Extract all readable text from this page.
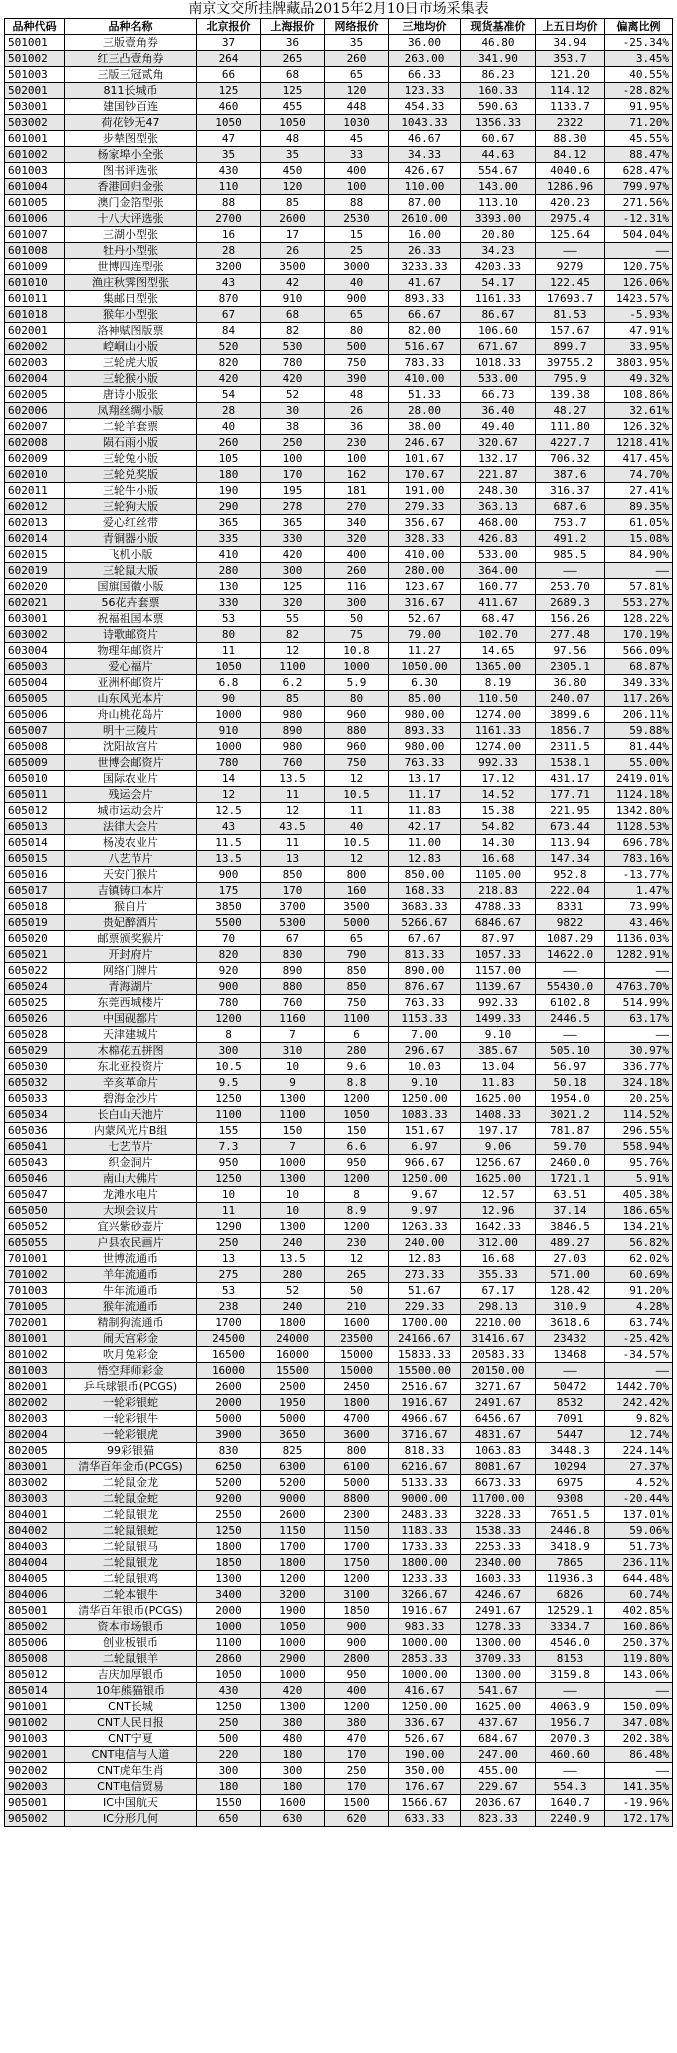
南京文交所挂牌藏品2015年2月10日市场采集表
品种代码	品种名称	北京报价	上海报价	网络报价	三地均价	现货基准价	上五日均价	偏离比例
501001	三版壹角券	37	36	35	36.00	46.80	34.94	-25.34%
501002	红三凸壹角券	264	265	260	263.00	341.90	353.7	3.45%
501003	三版三冠贰角	66	68	65	66.33	86.23	121.20	40.55%
502001	811长城币	125	125	120	123.33	160.33	114.12	-28.82%
503001	建国钞百连	460	455	448	454.33	590.63	1133.7	91.95%
503002	荷花钞无47	1050	1050	1030	1043.33	1356.33	2322	71.20%
601001	步辇图型张	47	48	45	46.67	60.67	88.30	45.55%
601002	杨家埠小全张	35	35	33	34.33	44.63	84.12	88.47%
601003	图书评选张	430	450	400	426.67	554.67	4040.6	628.47%
601004	香港回归金张	110	120	100	110.00	143.00	1286.96	799.97%
601005	澳门金箔型张	88	85	88	87.00	113.10	420.23	271.56%
601006	十八大评选张	2700	2600	2530	2610.00	3393.00	2975.4	-12.31%
601007	三湖小型张	16	17	15	16.00	20.80	125.64	504.04%
601008	牡丹小型张	28	26	25	26.33	34.23	——	——
601009	世博四连型张	3200	3500	3000	3233.33	4203.33	9279	120.75%
601010	渔庄秋霁图型张	43	42	40	41.67	54.17	122.45	126.06%
601011	集邮日型张	870	910	900	893.33	1161.33	17693.7	1423.57%
601018	猴年小型张	67	68	65	66.67	86.67	81.53	-5.93%
602001	洛神赋图版票	84	82	80	82.00	106.60	157.67	47.91%
602002	崆峒山小版	520	530	500	516.67	671.67	899.7	33.95%
602003	三轮虎大版	820	780	750	783.33	1018.33	39755.2	3803.95%
602004	三轮猴小版	420	420	390	410.00	533.00	795.9	49.32%
602005	唐诗小版张	54	52	48	51.33	66.73	139.38	108.86%
602006	凤翔丝绸小版	28	30	26	28.00	36.40	48.27	32.61%
602007	二轮羊套票	40	38	36	38.00	49.40	111.80	126.32%
602008	陨石雨小版	260	250	230	246.67	320.67	4227.7	1218.41%
602009	三轮兔小版	105	100	100	101.67	132.17	706.32	417.45%
602010	三轮兑奖版	180	170	162	170.67	221.87	387.6	74.70%
602011	三轮牛小版	190	195	181	191.00	248.30	316.37	27.41%
602012	三轮狗大版	290	278	270	279.33	363.13	687.6	89.35%
602013	爱心红丝带	365	365	340	356.67	468.00	753.7	61.05%
602014	青铜器小版	335	330	320	328.33	426.83	491.2	15.08%
602015	飞机小版	410	420	400	410.00	533.00	985.5	84.90%
602019	三轮鼠大版	280	300	260	280.00	364.00	——	——
602020	国旗国徽小版	130	125	116	123.67	160.77	253.70	57.81%
602021	56花卉套票	330	320	300	316.67	411.67	2689.3	553.27%
603001	祝福祖国本票	53	55	50	52.67	68.47	156.26	128.22%
603002	诗歌邮资片	80	82	75	79.00	102.70	277.48	170.19%
603004	物理年邮资片	11	12	10.8	11.27	14.65	97.56	566.09%
605003	爱心福片	1050	1100	1000	1050.00	1365.00	2305.1	68.87%
605004	亚洲杯邮资片	6.8	6.2	5.9	6.30	8.19	36.80	349.33%
605005	山东风光本片	90	85	80	85.00	110.50	240.07	117.26%
605006	舟山桃花岛片	1000	980	960	980.00	1274.00	3899.6	206.11%
605007	明十三陵片	910	890	880	893.33	1161.33	1856.7	59.88%
605008	沈阳故宫片	1000	980	960	980.00	1274.00	2311.5	81.44%
605009	世博会邮资片	780	760	750	763.33	992.33	1538.1	55.00%
605010	国际农业片	14	13.5	12	13.17	17.12	431.17	2419.01%
605011	残运会片	12	11	10.5	11.17	14.52	177.71	1124.18%
605012	城市运动会片	12.5	12	11	11.83	15.38	221.95	1342.80%
605013	法律大会片	43	43.5	40	42.17	54.82	673.44	1128.53%
605014	杨凌农业片	11.5	11	10.5	11.00	14.30	113.94	696.78%
605015	八艺节片	13.5	13	12	12.83	16.68	147.34	783.16%
605016	天安门猴片	900	850	800	850.00	1105.00	952.8	-13.77%
605017	吉镇铸口本片	175	170	160	168.33	218.83	222.04	1.47%
605018	猴自片	3850	3700	3500	3683.33	4788.33	8331	73.99%
605019	贵妃醉酒片	5500	5300	5000	5266.67	6846.67	9822	43.46%
605020	邮票颁奖猴片	70	67	65	67.67	87.97	1087.29	1136.03%
605021	开封府片	820	830	790	813.33	1057.33	14622.0	1282.91%
605022	网络门牌片	920	890	850	890.00	1157.00	——	——
605024	青海湖片	900	880	850	876.67	1139.67	55430.0	4763.70%
605025	东莞西城楼片	780	760	750	763.33	992.33	6102.8	514.99%
605026	中国砚都片	1200	1160	1100	1153.33	1499.33	2446.5	63.17%
605028	天津建城片	8	7	6	7.00	9.10	——	——
605029	木棉花五拼图	300	310	280	296.67	385.67	505.10	30.97%
605030	东北亚投资片	10.5	10	9.6	10.03	13.04	56.97	336.77%
605032	辛亥革命片	9.5	9	8.8	9.10	11.83	50.18	324.18%
605033	碧海金沙片	1250	1300	1200	1250.00	1625.00	1954.0	20.25%
605034	长白山天池片	1100	1100	1050	1083.33	1408.33	3021.2	114.52%
605036	内蒙风光片B组	155	150	150	151.67	197.17	781.87	296.55%
605041	七艺节片	7.3	7	6.6	6.97	9.06	59.70	558.94%
605043	织金洞片	950	1000	950	966.67	1256.67	2460.0	95.76%
605046	南山大佛片	1250	1300	1200	1250.00	1625.00	1721.1	5.91%
605047	龙滩水电片	10	10	8	9.67	12.57	63.51	405.38%
605050	大坝会议片	11	10	8.9	9.97	12.96	37.14	186.65%
605052	宜兴紫砂壶片	1290	1300	1200	1263.33	1642.33	3846.5	134.21%
605055	户县农民画片	250	240	230	240.00	312.00	489.27	56.82%
701001	世博流通币	13	13.5	12	12.83	16.68	27.03	62.02%
701002	羊年流通币	275	280	265	273.33	355.33	571.00	60.69%
701003	牛年流通币	53	52	50	51.67	67.17	128.42	91.20%
701005	猴年流通币	238	240	210	229.33	298.13	310.9	4.28%
702001	精制狗流通币	1700	1800	1600	1700.00	2210.00	3618.6	63.74%
801001	闹天宫彩金	24500	24000	23500	24166.67	31416.67	23432	-25.42%
801002	吹月兔彩金	16500	16000	15000	15833.33	20583.33	13468	-34.57%
801003	悟空拜师彩金	16000	15500	15000	15500.00	20150.00	——	——
802001	乒乓球银币(PCGS)	2600	2500	2450	2516.67	3271.67	50472	1442.70%
802002	一轮彩银蛇	2000	1950	1800	1916.67	2491.67	8532	242.42%
802003	一轮彩银牛	5000	5000	4700	4966.67	6456.67	7091	9.82%
802004	一轮彩银虎	3900	3650	3600	3716.67	4831.67	5447	12.74%
802005	99彩银猫	830	825	800	818.33	1063.83	3448.3	224.14%
803001	清华百年金币(PCGS)	6250	6300	6100	6216.67	8081.67	10294	27.37%
803002	二轮鼠金龙	5200	5200	5000	5133.33	6673.33	6975	4.52%
803003	二轮鼠金蛇	9200	9000	8800	9000.00	11700.00	9308	-20.44%
804001	二轮鼠银龙	2550	2600	2300	2483.33	3228.33	7651.5	137.01%
804002	二轮鼠银蛇	1250	1150	1150	1183.33	1538.33	2446.8	59.06%
804003	二轮鼠银马	1800	1700	1700	1733.33	2253.33	3418.9	51.73%
804004	二轮鼠银龙	1850	1800	1750	1800.00	2340.00	7865	236.11%
804005	二轮鼠银鸡	1300	1200	1200	1233.33	1603.33	11936.3	644.48%
804006	二轮本银牛	3400	3200	3100	3266.67	4246.67	6826	60.74%
805001	清华百年银币(PCGS)	2000	1900	1850	1916.67	2491.67	12529.1	402.85%
805002	资本市场银币	1000	1050	900	983.33	1278.33	3334.7	160.86%
805006	创业板银币	1100	1000	900	1000.00	1300.00	4546.0	250.37%
805008	二轮鼠银羊	2860	2900	2800	2853.33	3709.33	8153	119.80%
805012	吉庆加厚银币	1050	1000	950	1000.00	1300.00	3159.8	143.06%
805014	10年熊猫银币	430	420	400	416.67	541.67	——	——
901001	CNT长城	1250	1300	1200	1250.00	1625.00	4063.9	150.09%
901002	CNT人民日报	250	380	380	336.67	437.67	1956.7	347.08%
901003	CNT宁夏	500	480	470	526.67	684.67	2070.3	202.38%
902001	CNT电信与人道	220	180	170	190.00	247.00	460.60	86.48%
902002	CNT虎年生肖	300	300	250	350.00	455.00	——	——
902003	CNT电信贸易	180	180	170	176.67	229.67	554.3	141.35%
905001	IC中国航天	1550	1600	1500	1566.67	2036.67	1640.7	-19.96%
905002	IC分形几何	650	630	620	633.33	823.33	2240.9	172.17%
